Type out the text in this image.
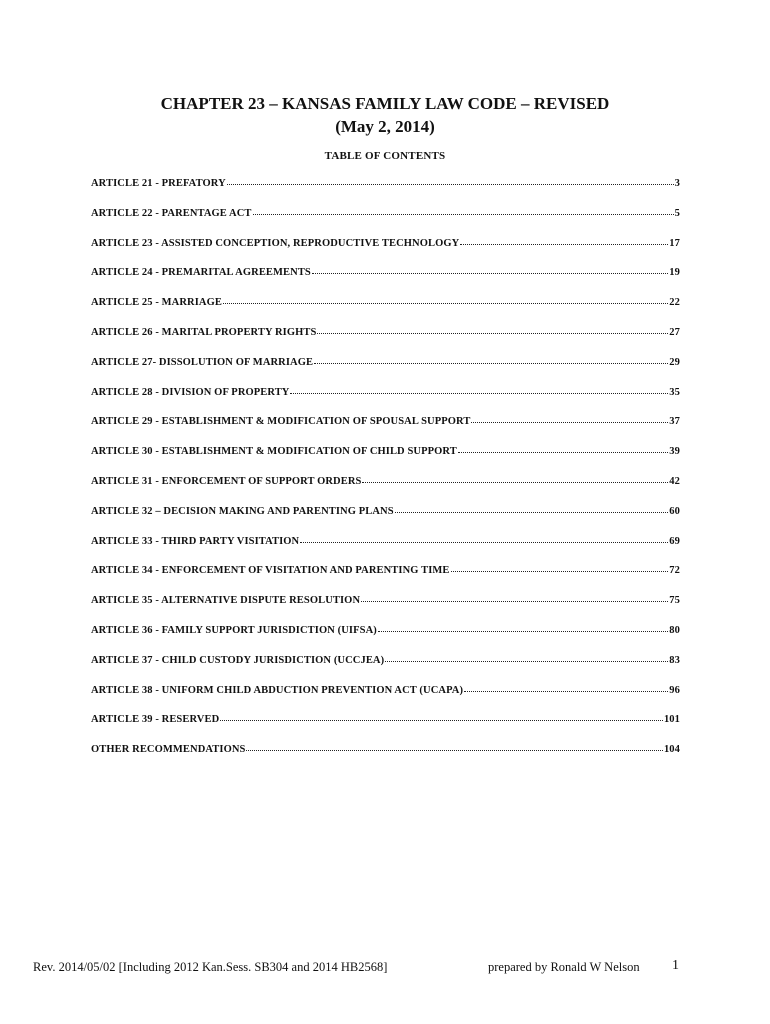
CHAPTER 23 – KANSAS FAMILY LAW CODE – REVISED
(May 2, 2014)
TABLE OF CONTENTS
ARTICLE 21 - PREFATORY	3
ARTICLE 22 - PARENTAGE ACT	5
ARTICLE 23 - ASSISTED CONCEPTION, REPRODUCTIVE TECHNOLOGY	17
ARTICLE 24 - PREMARITAL AGREEMENTS	19
ARTICLE 25 - MARRIAGE	22
ARTICLE 26 - MARITAL PROPERTY RIGHTS	27
ARTICLE 27- DISSOLUTION OF MARRIAGE	29
ARTICLE 28 - DIVISION OF PROPERTY	35
ARTICLE 29 - ESTABLISHMENT & MODIFICATION OF SPOUSAL SUPPORT	37
ARTICLE 30 - ESTABLISHMENT & MODIFICATION OF CHILD SUPPORT	39
ARTICLE 31 - ENFORCEMENT OF SUPPORT ORDERS	42
ARTICLE 32 – DECISION MAKING AND PARENTING PLANS	60
ARTICLE 33 - THIRD PARTY VISITATION	69
ARTICLE 34 - ENFORCEMENT OF VISITATION AND PARENTING TIME	72
ARTICLE 35 - ALTERNATIVE DISPUTE RESOLUTION	75
ARTICLE 36 - FAMILY SUPPORT JURISDICTION (UIFSA)	80
ARTICLE 37 - CHILD CUSTODY JURISDICTION (UCCJEA)	83
ARTICLE 38 - UNIFORM CHILD ABDUCTION PREVENTION ACT (UCAPA)	96
ARTICLE 39 - RESERVED	101
OTHER RECOMMENDATIONS	104
Rev. 2014/05/02 [Including 2012 Kan.Sess. SB304 and 2014 HB2568]	prepared by Ronald W Nelson 1
